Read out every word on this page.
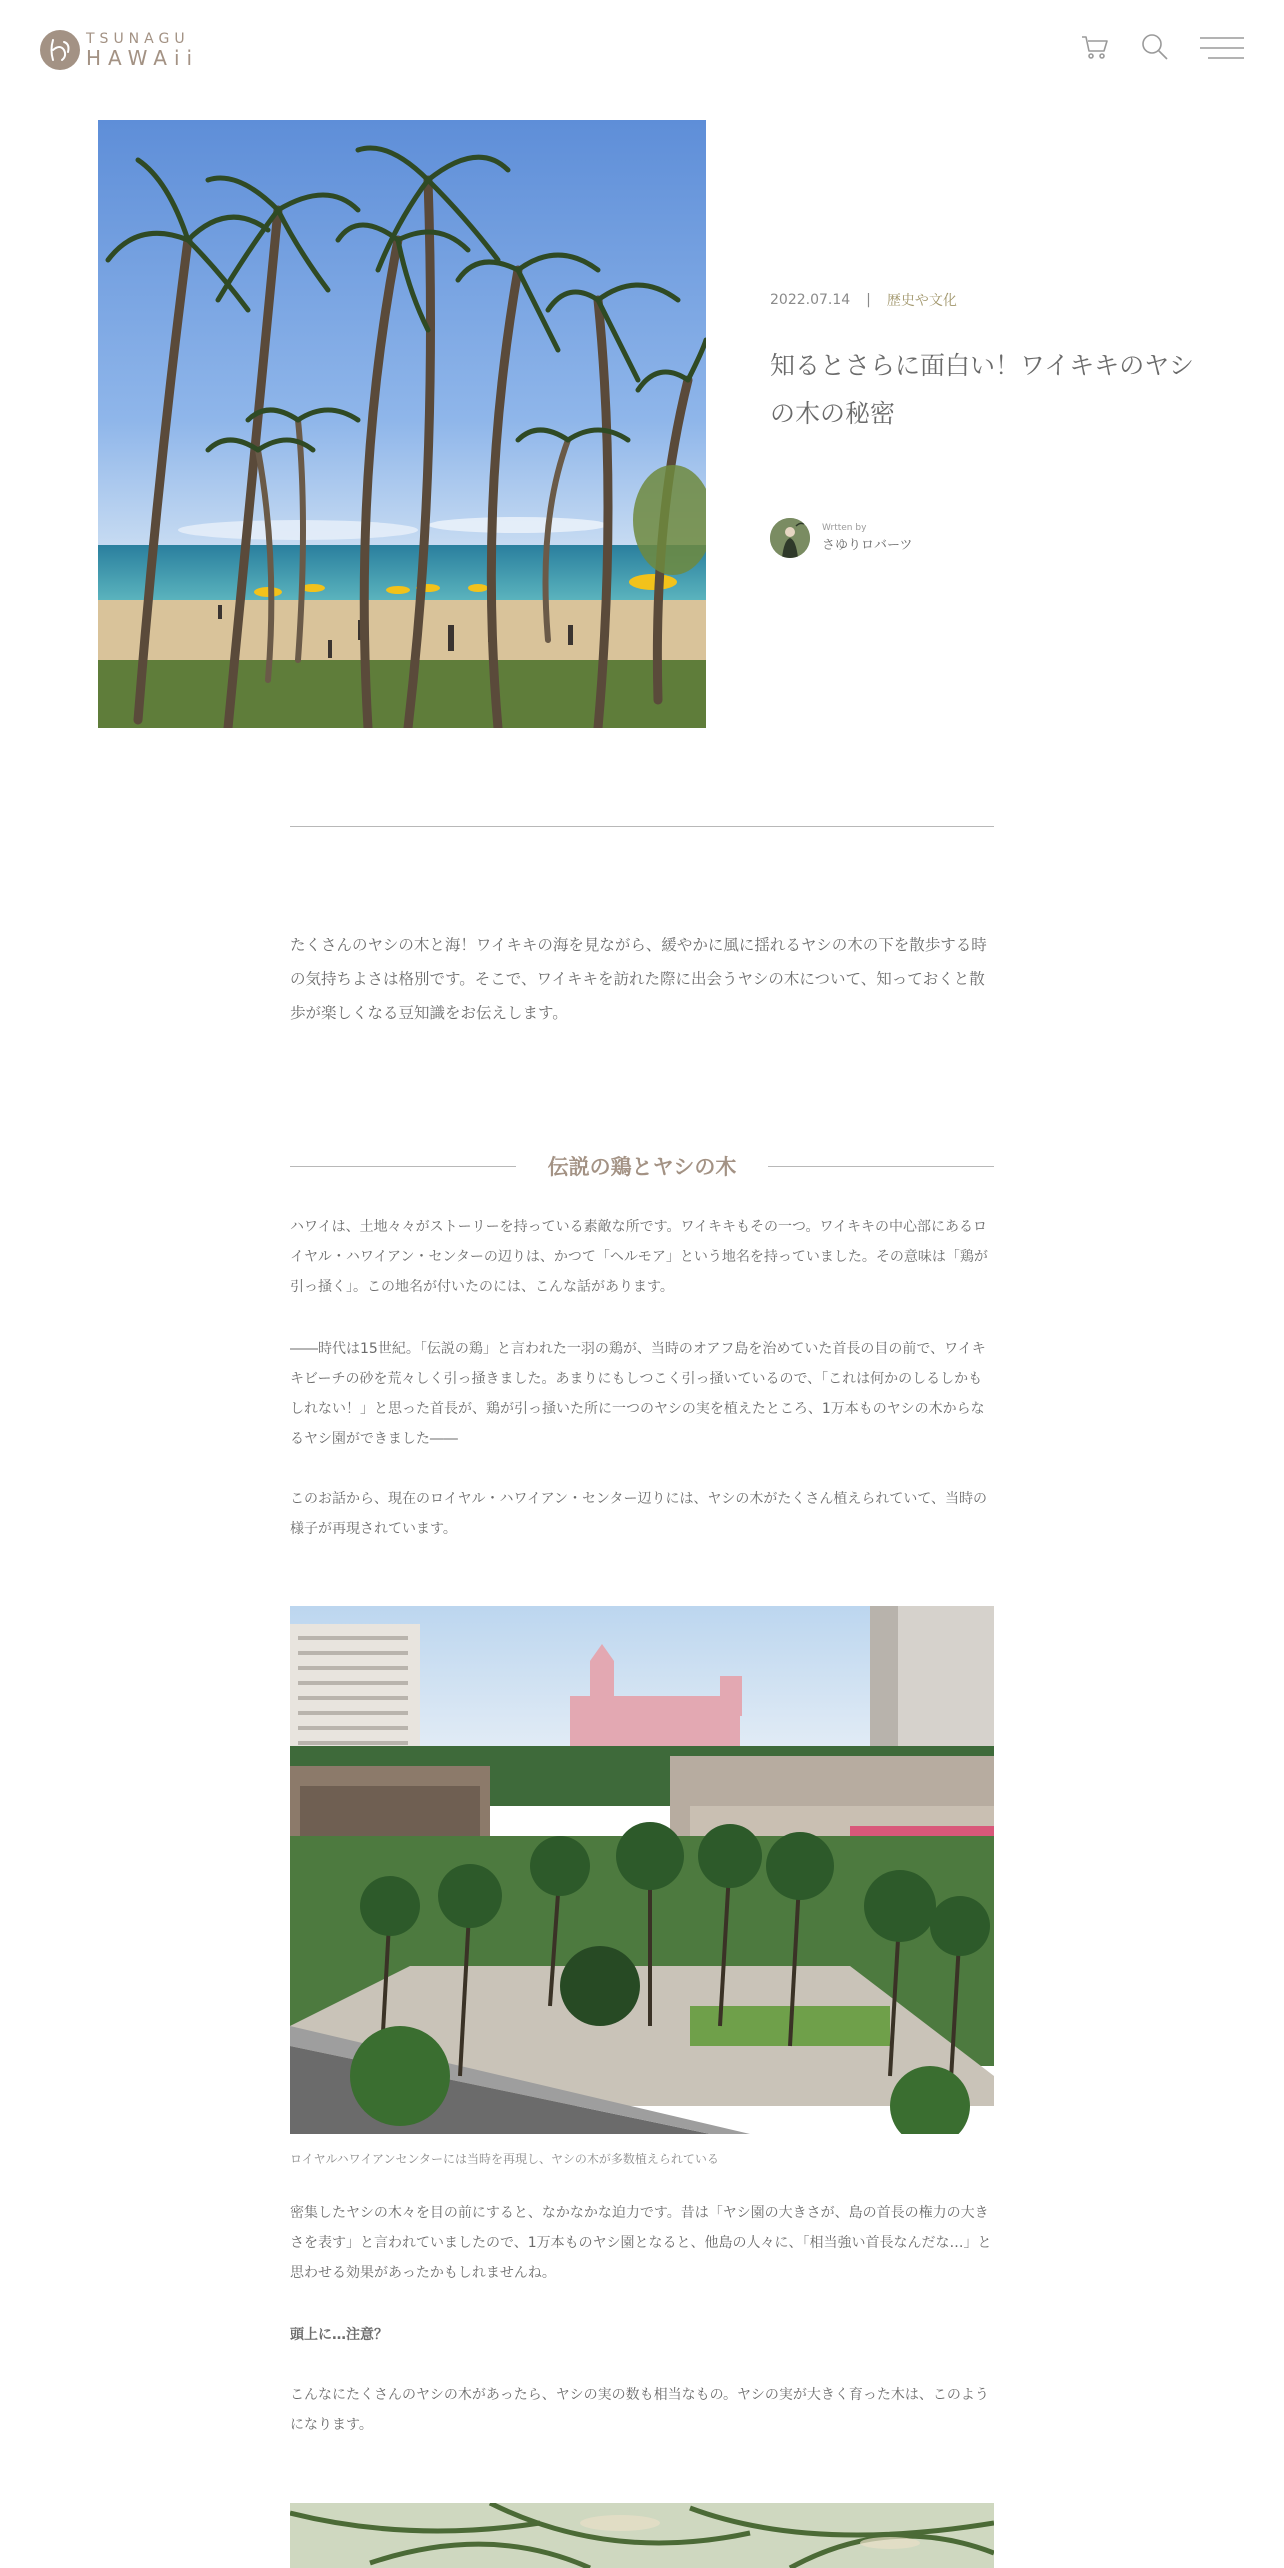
TSUNAGU
HAWAii
2022.07.14 | 歴史や文化
知るとさらに面白い！ワイキキのヤシの木の秘密
Wrtten by
さゆりロバーツ

たくさんのヤシの木と海！ワイキキの海を見ながら、緩やかに風に揺れるヤシの木の下を散歩する時の気持ちよさは格別です。そこで、ワイキキを訪れた際に出会うヤシの木について、知っておくと散歩が楽しくなる豆知識をお伝えします。

伝説の鶏とヤシの木

ハワイは、土地々々がストーリーを持っている素敵な所です。ワイキキもその一つ。ワイキキの中心部にあるロイヤル・ハワイアン・センターの辺りは、かつて「ヘルモア」という地名を持っていました。その意味は「鶏が引っ掻く」。この地名が付いたのには、こんな話があります。

――時代は15世紀。「伝説の鶏」と言われた一羽の鶏が、当時のオアフ島を治めていた首長の目の前で、ワイキキビーチの砂を荒々しく引っ掻きました。あまりにもしつこく引っ掻いているので、「これは何かのしるしかもしれない！」と思った首長が、鶏が引っ掻いた所に一つのヤシの実を植えたところ、1万本ものヤシの木からなるヤシ園ができました――

このお話から、現在のロイヤル・ハワイアン・センター辺りには、ヤシの木がたくさん植えられていて、当時の様子が再現されています。

ロイヤルハワイアンセンターには当時を再現し、ヤシの木が多数植えられている

密集したヤシの木々を目の前にすると、なかなかな迫力です。昔は「ヤシ園の大きさが、島の首長の権力の大きさを表す」と言われていましたので、1万本ものヤシ園となると、他島の人々に、「相当強い首長なんだな…」と思わせる効果があったかもしれませんね。

頭上に…注意？

こんなにたくさんのヤシの木があったら、ヤシの実の数も相当なもの。ヤシの実が大きく育った木は、このようになります。
